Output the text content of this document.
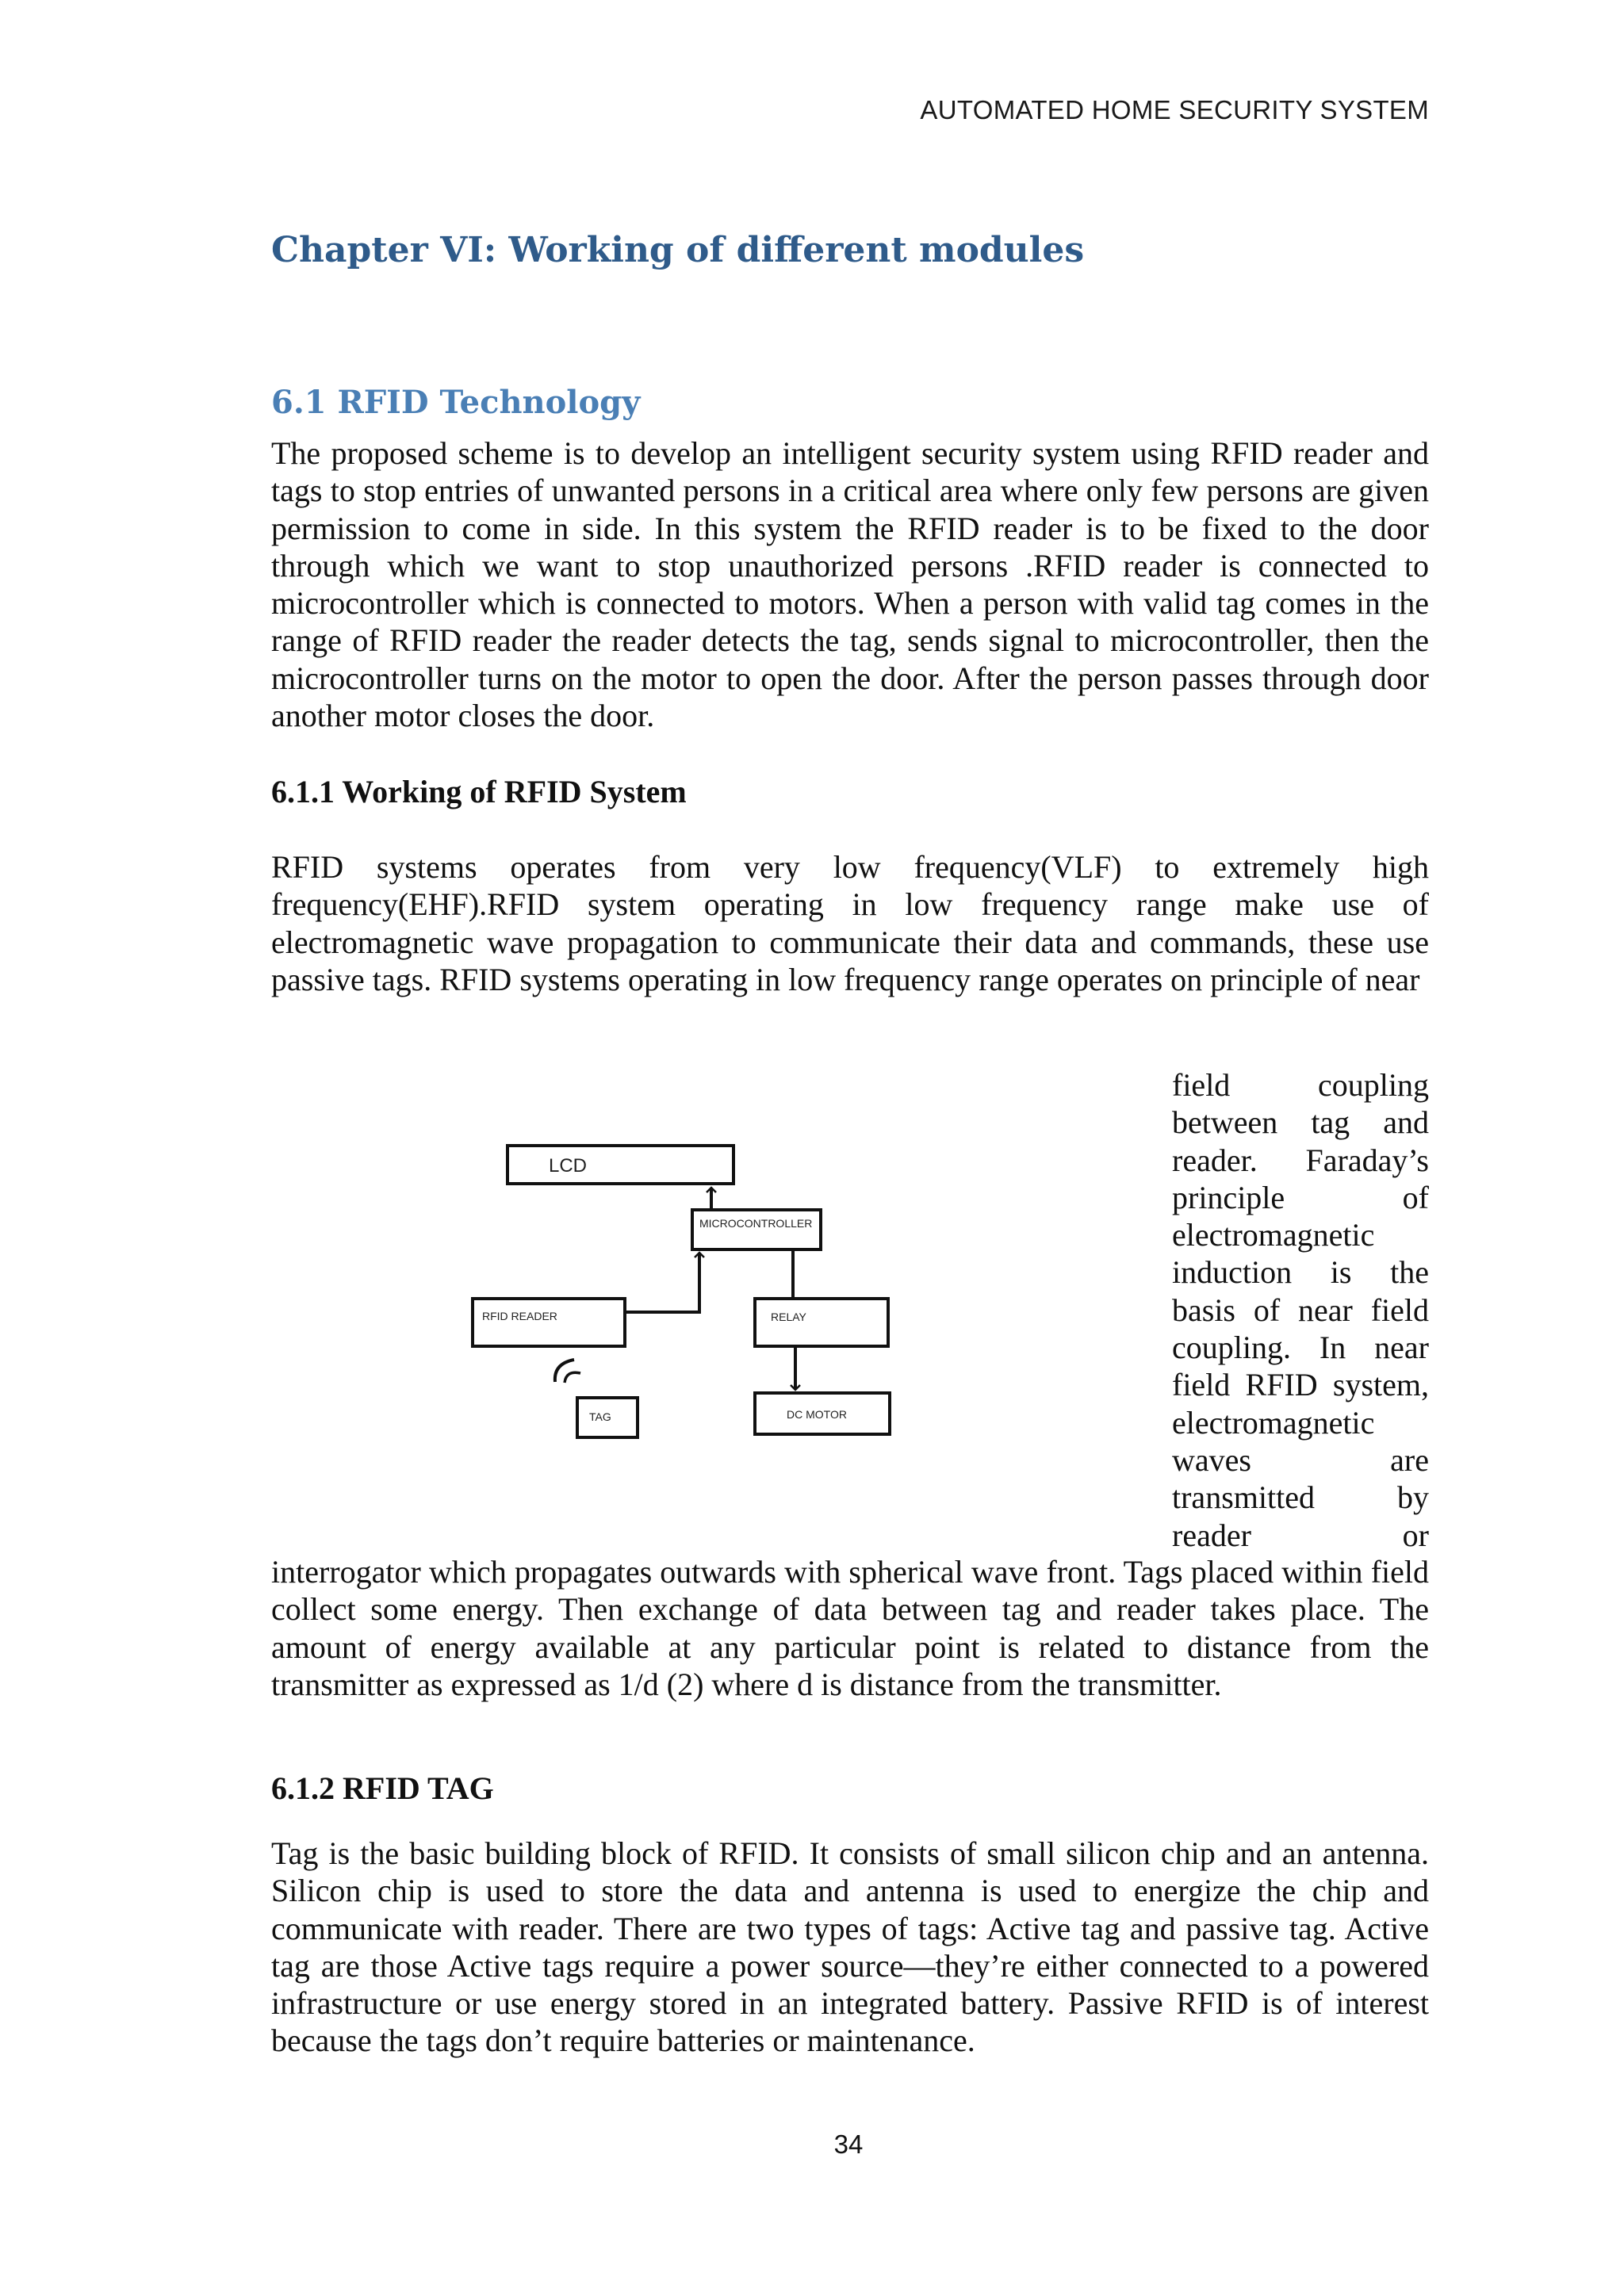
AUTOMATED HOME SECURITY SYSTEM
Chapter VI: Working of different modules
6.1 RFID Technology

The proposed scheme is to develop an intelligent security system using RFID reader and tags to stop entries of unwanted persons in a critical area where only few persons are given permission to come in side. In this system the RFID reader is to be fixed to the door through which we want to stop unauthorized persons .RFID reader is connected to microcontroller which is connected to motors. When a person with valid tag comes in the range of RFID reader the reader detects the tag, sends signal to microcontroller, then the microcontroller turns on the motor to open the door. After the person passes through door another motor closes the door.

6.1.1 Working of RFID System

RFID systems operates from very low frequency(VLF) to extremely high frequency(EHF).RFID system operating in low frequency range make use of electromagnetic wave propagation to communicate their data and commands, these use passive tags. RFID systems operating in low frequency range operates on principle of near

field coupling between tag and reader. Faraday’s principle of electromagnetic induction is the basis of near field coupling. In near field RFID system, electromagnetic waves are transmitted by reader or

LCD
MICROCONTROLLER
RFID READER	RELAY
TAG	DC MOTOR

interrogator which propagates outwards with spherical wave front. Tags placed within field collect some energy. Then exchange of data between tag and reader takes place. The amount of energy available at any particular point is related to distance from the transmitter as expressed as 1/d (2) where d is distance from the transmitter.

6.1.2 RFID TAG

Tag is the basic building block of RFID. It consists of small silicon chip and an antenna. Silicon chip is used to store the data and antenna is used to energize the chip and communicate with reader. There are two types of tags: Active tag and passive tag. Active tag are those Active tags require a power source—they’re either connected to a powered infrastructure or use energy stored in an integrated battery. Passive RFID is of interest because the tags don’t require batteries or maintenance.

34
